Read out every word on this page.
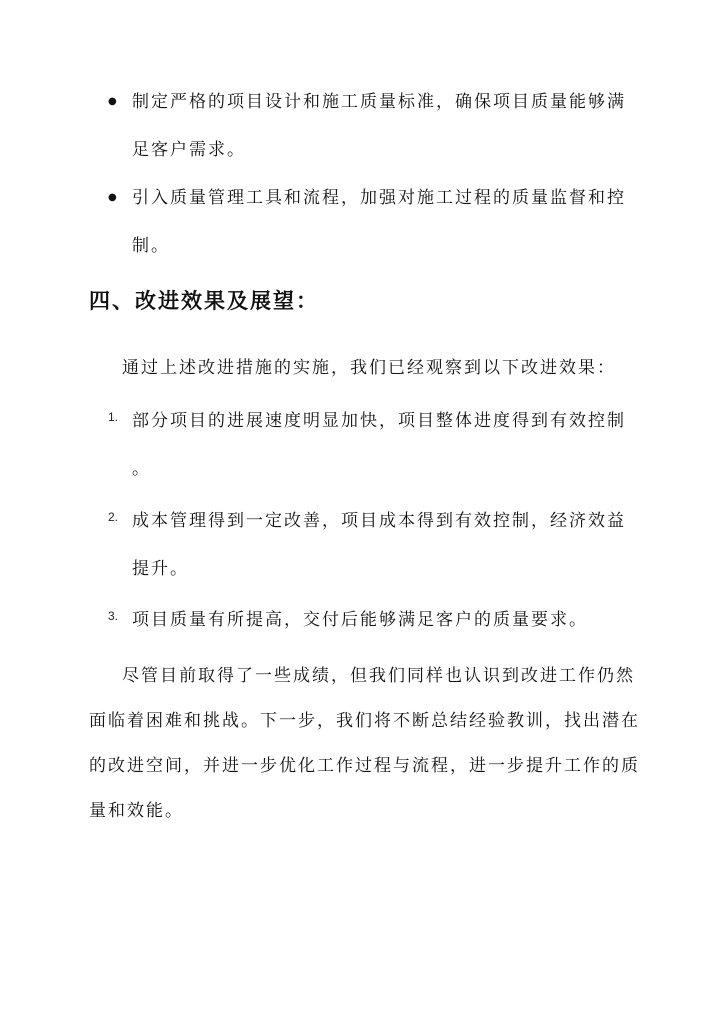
● 制定严格的项目设计和施工质量标准，确保项目质量能够满
足客户需求。
● 引入质量管理工具和流程，加强对施工过程的质量监督和控
制。
四、改进效果及展望：
通过上述改进措施的实施，我们已经观察到以下改进效果：
1. 部分项目的进展速度明显加快，项目整体进度得到有效控制
。
2. 成本管理得到一定改善，项目成本得到有效控制，经济效益
提升。
3. 项目质量有所提高，交付后能够满足客户的质量要求。
尽管目前取得了一些成绩，但我们同样也认识到改进工作仍然
面临着困难和挑战。下一步，我们将不断总结经验教训，找出潜在
的改进空间，并进一步优化工作过程与流程，进一步提升工作的质
量和效能。
